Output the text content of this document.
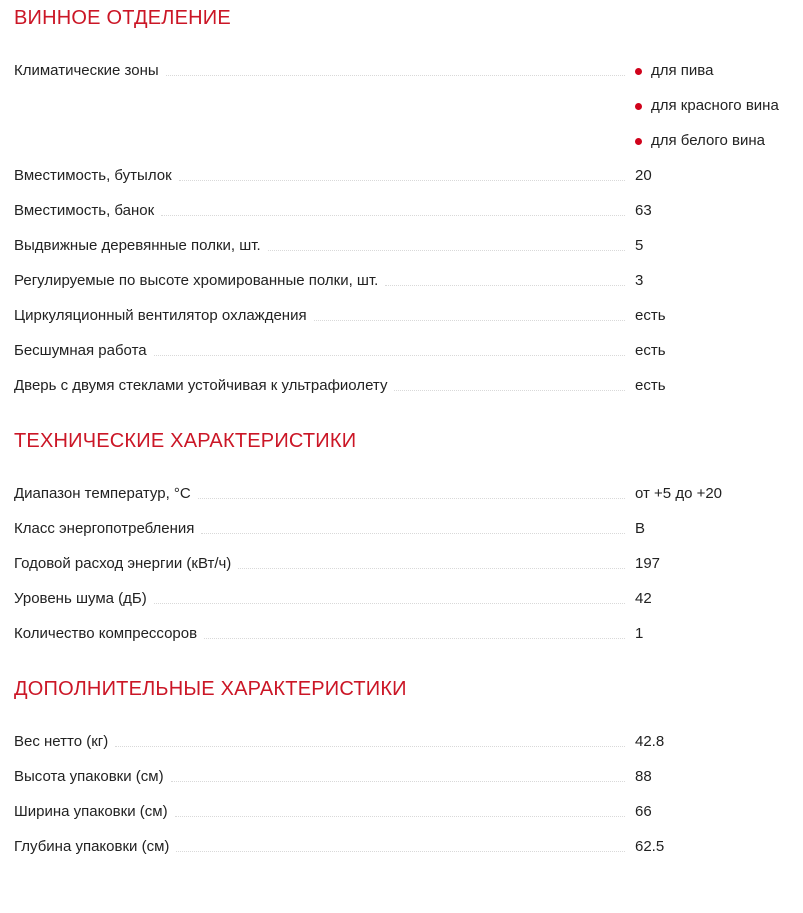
ВИННОЕ ОТДЕЛЕНИЕ
Климатические зоны	для пива
для красного вина
для белого вина
Вместимость, бутылок	20
Вместимость, банок	63
Выдвижные деревянные полки, шт.	5
Регулируемые по высоте хромированные полки, шт.	3
Циркуляционный вентилятор охлаждения	есть
Бесшумная работа	есть
Дверь с двумя стеклами устойчивая к ультрафиолету	есть
ТЕХНИЧЕСКИЕ ХАРАКТЕРИСТИКИ
Диапазон температур, °С	от +5 до +20
Класс энергопотребления	В
Годовой расход энергии (кВт/ч)	197
Уровень шума (дБ)	42
Количество компрессоров	1
ДОПОЛНИТЕЛЬНЫЕ ХАРАКТЕРИСТИКИ
Вес нетто (кг)	42.8
Высота упаковки (см)	88
Ширина упаковки (см)	66
Глубина упаковки (см)	62.5
